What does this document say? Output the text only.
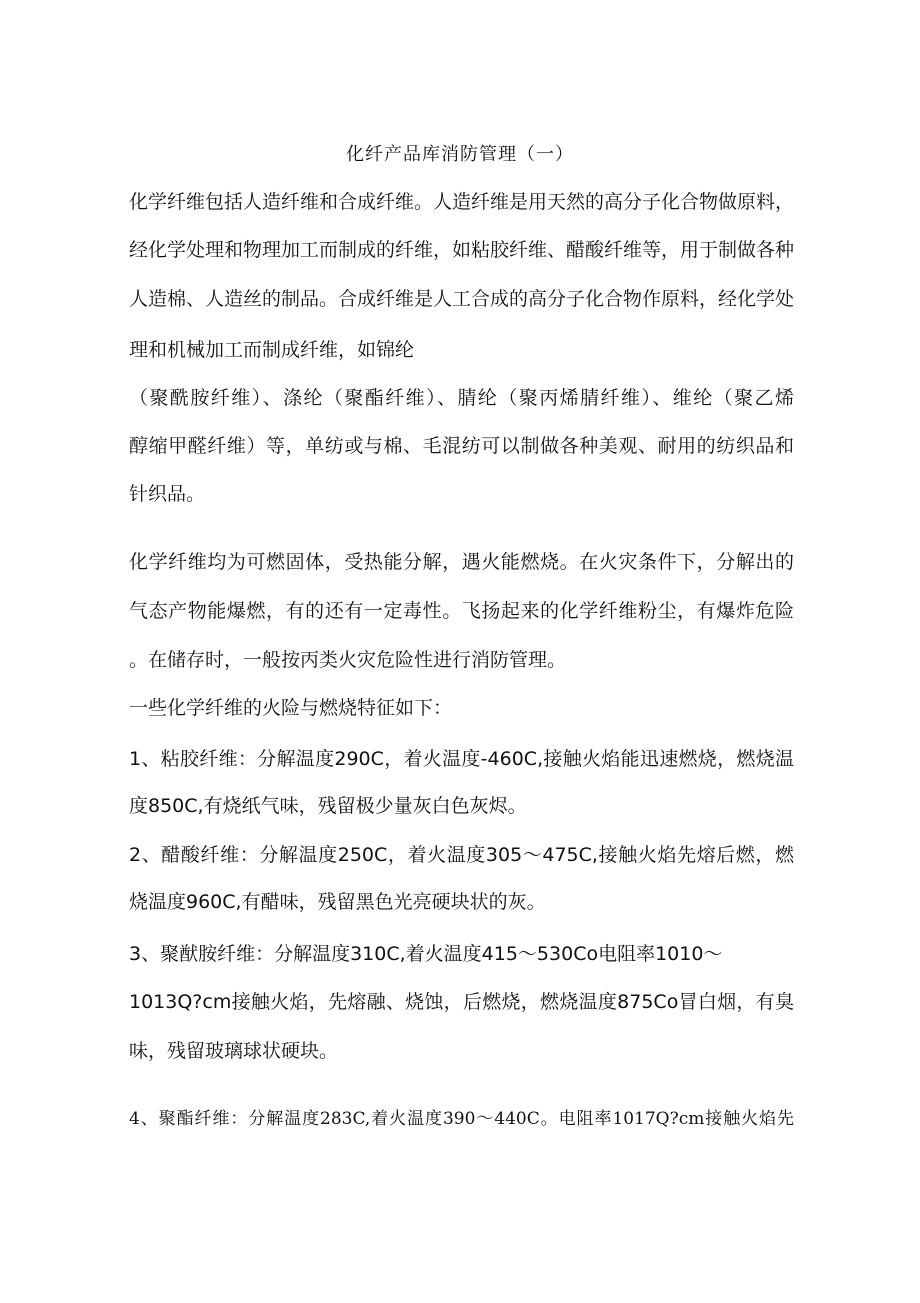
化纤产品库消防管理（一）
化学纤维包括人造纤维和合成纤维。人造纤维是用天然的高分子化合物做原料，
经化学处理和物理加工而制成的纤维，如粘胶纤维、醋酸纤维等，用于制做各种
人造棉、人造丝的制品。合成纤维是人工合成的高分子化合物作原料，经化学处
理和机械加工而制成纤维，如锦纶
（聚酰胺纤维）、涤纶（聚酯纤维）、腈纶（聚丙烯腈纤维）、维纶（聚乙烯
醇缩甲醛纤维）等，单纺或与棉、毛混纺可以制做各种美观、耐用的纺织品和
针织品。
化学纤维均为可燃固体，受热能分解，遇火能燃烧。在火灾条件下，分解出的
气态产物能爆燃，有的还有一定毒性。飞扬起来的化学纤维粉尘，有爆炸危险
。在储存时，一般按丙类火灾危险性进行消防管理。
一些化学纤维的火险与燃烧特征如下：
1、粘胶纤维：分解温度290C，着火温度-460C,接触火焰能迅速燃烧，燃烧温
度850C,有烧纸气味，残留极少量灰白色灰烬。
2、醋酸纤维：分解温度250C，着火温度305～475C,接触火焰先熔后燃，燃
烧温度960C,有醋味，残留黑色光亮硬块状的灰。
3、聚猷胺纤维：分解温度310C,着火温度415～530Co电阻率1010～
1013Q?cm接触火焰，先熔融、烧蚀，后燃烧，燃烧温度875Co冒白烟，有臭
味，残留玻璃球状硬块。
4、聚酯纤维：分解温度283C,着火温度390～440C。电阻率1017Q?cm接触火焰先
